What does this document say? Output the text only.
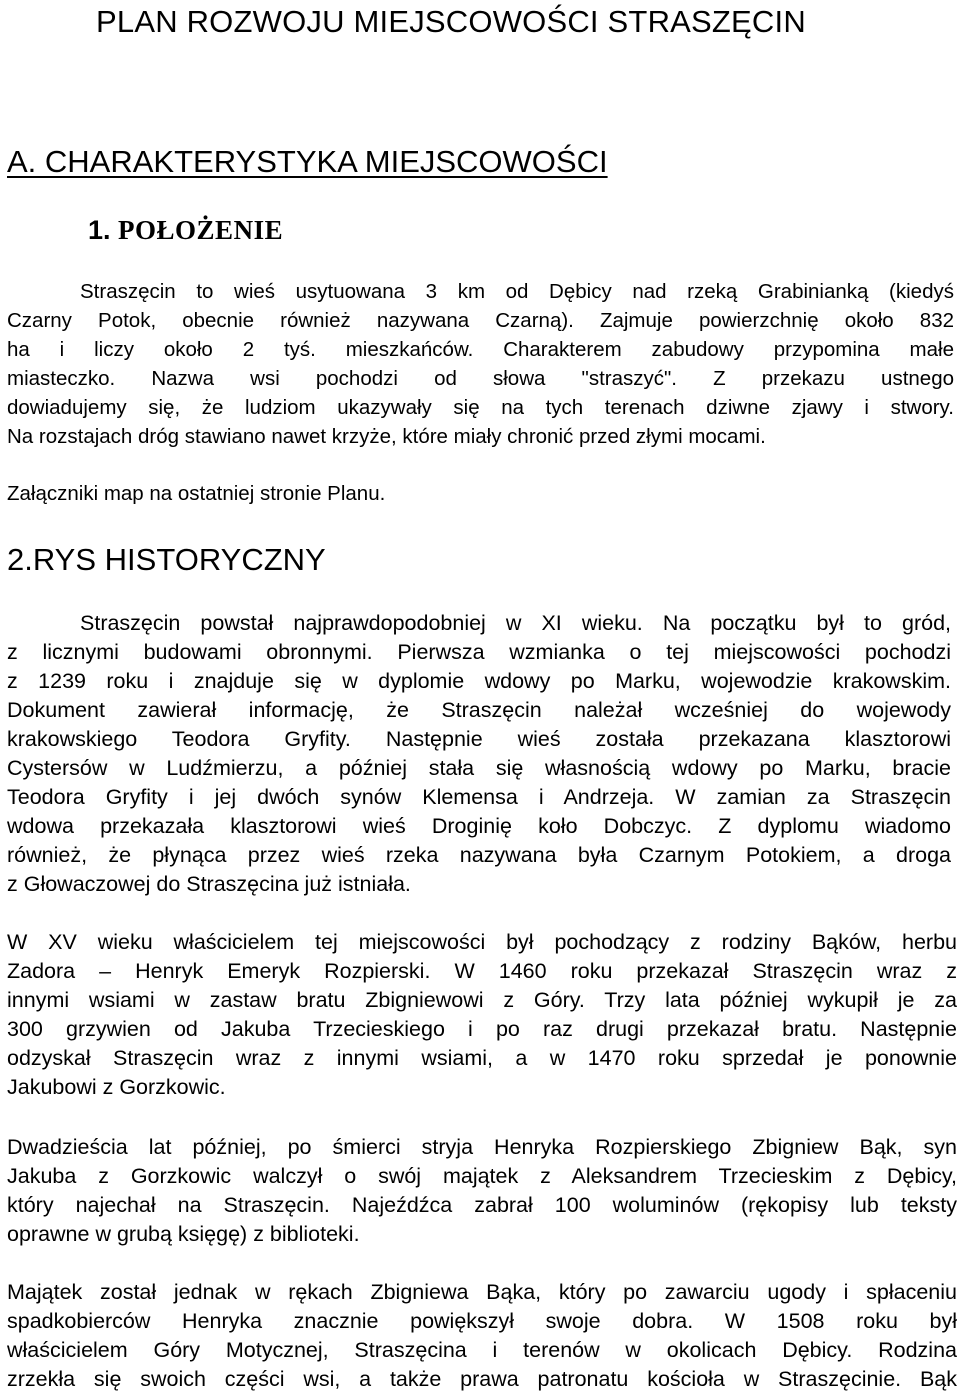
PLAN ROZWOJU MIEJSCOWOŚCI STRASZĘCIN
A. CHARAKTERYSTYKA MIEJSCOWOŚCI
1. POŁOŻENIE
Straszęcin to wieś usytuowana 3 km od Dębicy nad rzeką Grabinianką (kiedyś
Czarny Potok, obecnie również nazywana Czarną). Zajmuje powierzchnię około 832
ha i liczy około 2 tyś. mieszkańców. Charakterem zabudowy przypomina małe
miasteczko. Nazwa wsi pochodzi od słowa "straszyć". Z przekazu ustnego
dowiadujemy się, że ludziom ukazywały się na tych terenach dziwne zjawy i stwory.
Na rozstajach dróg stawiano nawet krzyże, które miały chronić przed złymi mocami.
Załączniki map na ostatniej stronie Planu.
2.RYS HISTORYCZNY
Straszęcin powstał najprawdopodobniej w XI wieku. Na początku był to gród,
z licznymi budowami obronnymi. Pierwsza wzmianka o tej miejscowości pochodzi
z 1239 roku i znajduje się w dyplomie wdowy po Marku, wojewodzie krakowskim.
Dokument zawierał informację, że Straszęcin należał wcześniej do wojewody
krakowskiego Teodora Gryfity. Następnie wieś została przekazana klasztorowi
Cystersów w Ludźmierzu, a później stała się własnością wdowy po Marku, bracie
Teodora Gryfity i jej dwóch synów Klemensa i Andrzeja. W zamian za Straszęcin
wdowa przekazała klasztorowi wieś Droginię koło Dobczyc. Z dyplomu wiadomo
również, że płynąca przez wieś rzeka nazywana była Czarnym Potokiem, a droga
z Głowaczowej do Straszęcina już istniała.
W XV wieku właścicielem tej miejscowości był pochodzący z rodziny Bąków, herbu
Zadora – Henryk Emeryk Rozpierski. W 1460 roku przekazał Straszęcin wraz z
innymi wsiami w zastaw bratu Zbigniewowi z Góry. Trzy lata później wykupił je za
300 grzywien od Jakuba Trzecieskiego i po raz drugi przekazał bratu. Następnie
odzyskał Straszęcin wraz z innymi wsiami, a w 1470 roku sprzedał je ponownie
Jakubowi z Gorzkowic.
Dwadzieścia lat później, po śmierci stryja Henryka Rozpierskiego Zbigniew Bąk, syn
Jakuba z Gorzkowic walczył o swój majątek z Aleksandrem Trzecieskim z Dębicy,
który najechał na Straszęcin. Najeźdźca zabrał 100 woluminów (rękopisy lub teksty
oprawne w grubą księgę) z biblioteki.
Majątek został jednak w rękach Zbigniewa Bąka, który po zawarciu ugody i spłaceniu
spadkobierców Henryka znacznie powiększył swoje dobra. W 1508 roku był
właścicielem Góry Motycznej, Straszęcina i terenów w okolicach Dębicy. Rodzina
zrzekła się swoich części wsi, a także prawa patronatu kościoła w Straszęcinie. Bąk
